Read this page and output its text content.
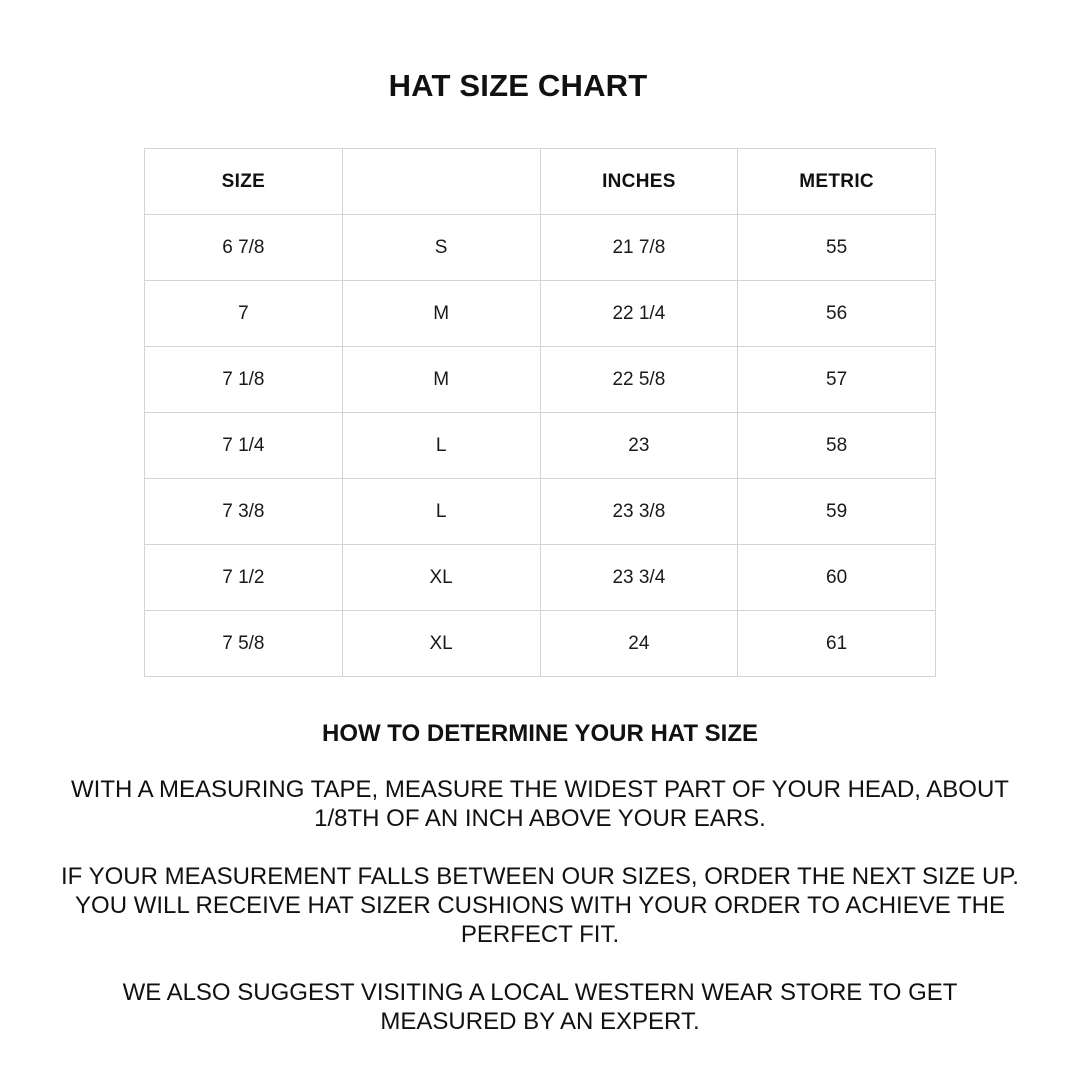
HAT SIZE CHART
SIZE		INCHES	METRIC
6 7/8	S	21 7/8	55
7	M	22 1/4	56
7 1/8	M	22 5/8	57
7 1/4	L	23	58
7 3/8	L	23 3/8	59
7 1/2	XL	23 3/4	60
7 5/8	XL	24	61
HOW TO DETERMINE YOUR HAT SIZE

WITH A MEASURING TAPE, MEASURE THE WIDEST PART OF YOUR HEAD, ABOUT 1/8TH OF AN INCH ABOVE YOUR EARS.

IF YOUR MEASUREMENT FALLS BETWEEN OUR SIZES, ORDER THE NEXT SIZE UP. YOU WILL RECEIVE HAT SIZER CUSHIONS WITH YOUR ORDER TO ACHIEVE THE PERFECT FIT.

WE ALSO SUGGEST VISITING A LOCAL WESTERN WEAR STORE TO GET MEASURED BY AN EXPERT.
